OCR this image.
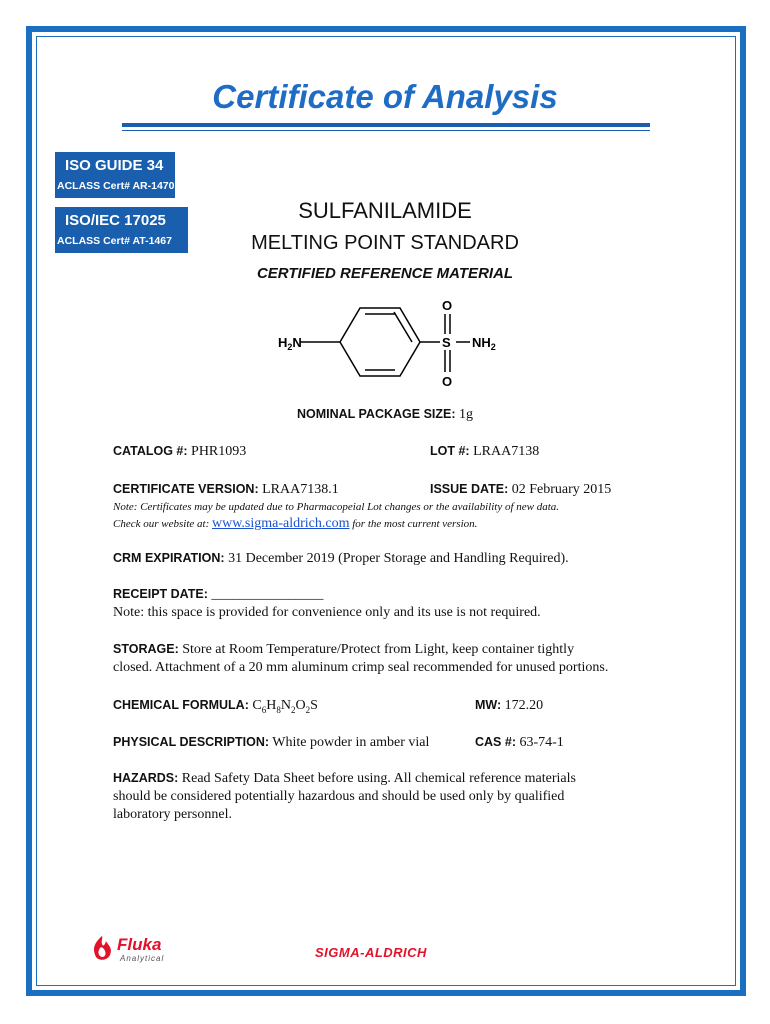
Certificate of Analysis
ISO GUIDE 34
ACLASS Cert# AR-1470
ISO/IEC 17025
ACLASS Cert# AT-1467
SULFANILAMIDE
MELTING POINT STANDARD
CERTIFIED REFERENCE MATERIAL
$H_2N$	S $NH_2$
O
O
NOMINAL PACKAGE SIZE: 1g
CATALOG #: PHR1093	LOT #: LRAA7138
CERTIFICATE VERSION: LRAA7138.1	ISSUE DATE: 02 February 2015
Note: Certificates may be updated due to Pharmacopeial Lot changes or the availability of new data.
Check our website at: www.sigma-aldrich.com for the most current version.
CRM EXPIRATION: 31 December 2019 (Proper Storage and Handling Required).
RECEIPT DATE: ________________
Note: this space is provided for convenience only and its use is not required.
STORAGE: Store at Room Temperature/Protect from Light, keep container tightly
closed. Attachment of a 20 mm aluminum crimp seal recommended for unused portions.
CHEMICAL FORMULA: $C_6H_8N_2O_2S$	MW: 172.20
PHYSICAL DESCRIPTION: White powder in amber vial	CAS #: 63-74-1
HAZARDS: Read Safety Data Sheet before using. All chemical reference materials
should be considered potentially hazardous and should be used only by qualified
laboratory personnel.
Fluka
Analytical	SIGMA-ALDRICH
